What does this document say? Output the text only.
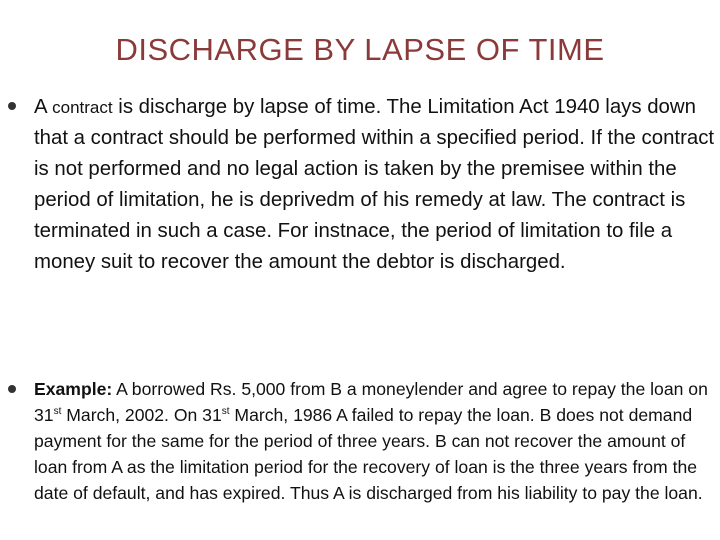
DISCHARGE BY LAPSE OF TIME
A contract is discharge by lapse of time. The Limitation Act 1940 lays down that a contract should be performed within a specified period. If the contract is not performed and no legal action is taken by the premisee within the period of limitation, he is deprivedm of his remedy at law. The contract is terminated in such a case. For instnace, the period of limitation to file a money suit to recover the amount the debtor is discharged.
Example: A borrowed Rs. 5,000 from B a moneylender and agree to repay the loan on 31st March, 2002. On 31st March, 1986 A failed to repay the loan. B does not demand payment for the same for the period of three years. B can not recover the amount of loan from A as the limitation period for the recovery of loan is the three years from the date of default, and has expired. Thus A is discharged from his liability to pay the loan.
